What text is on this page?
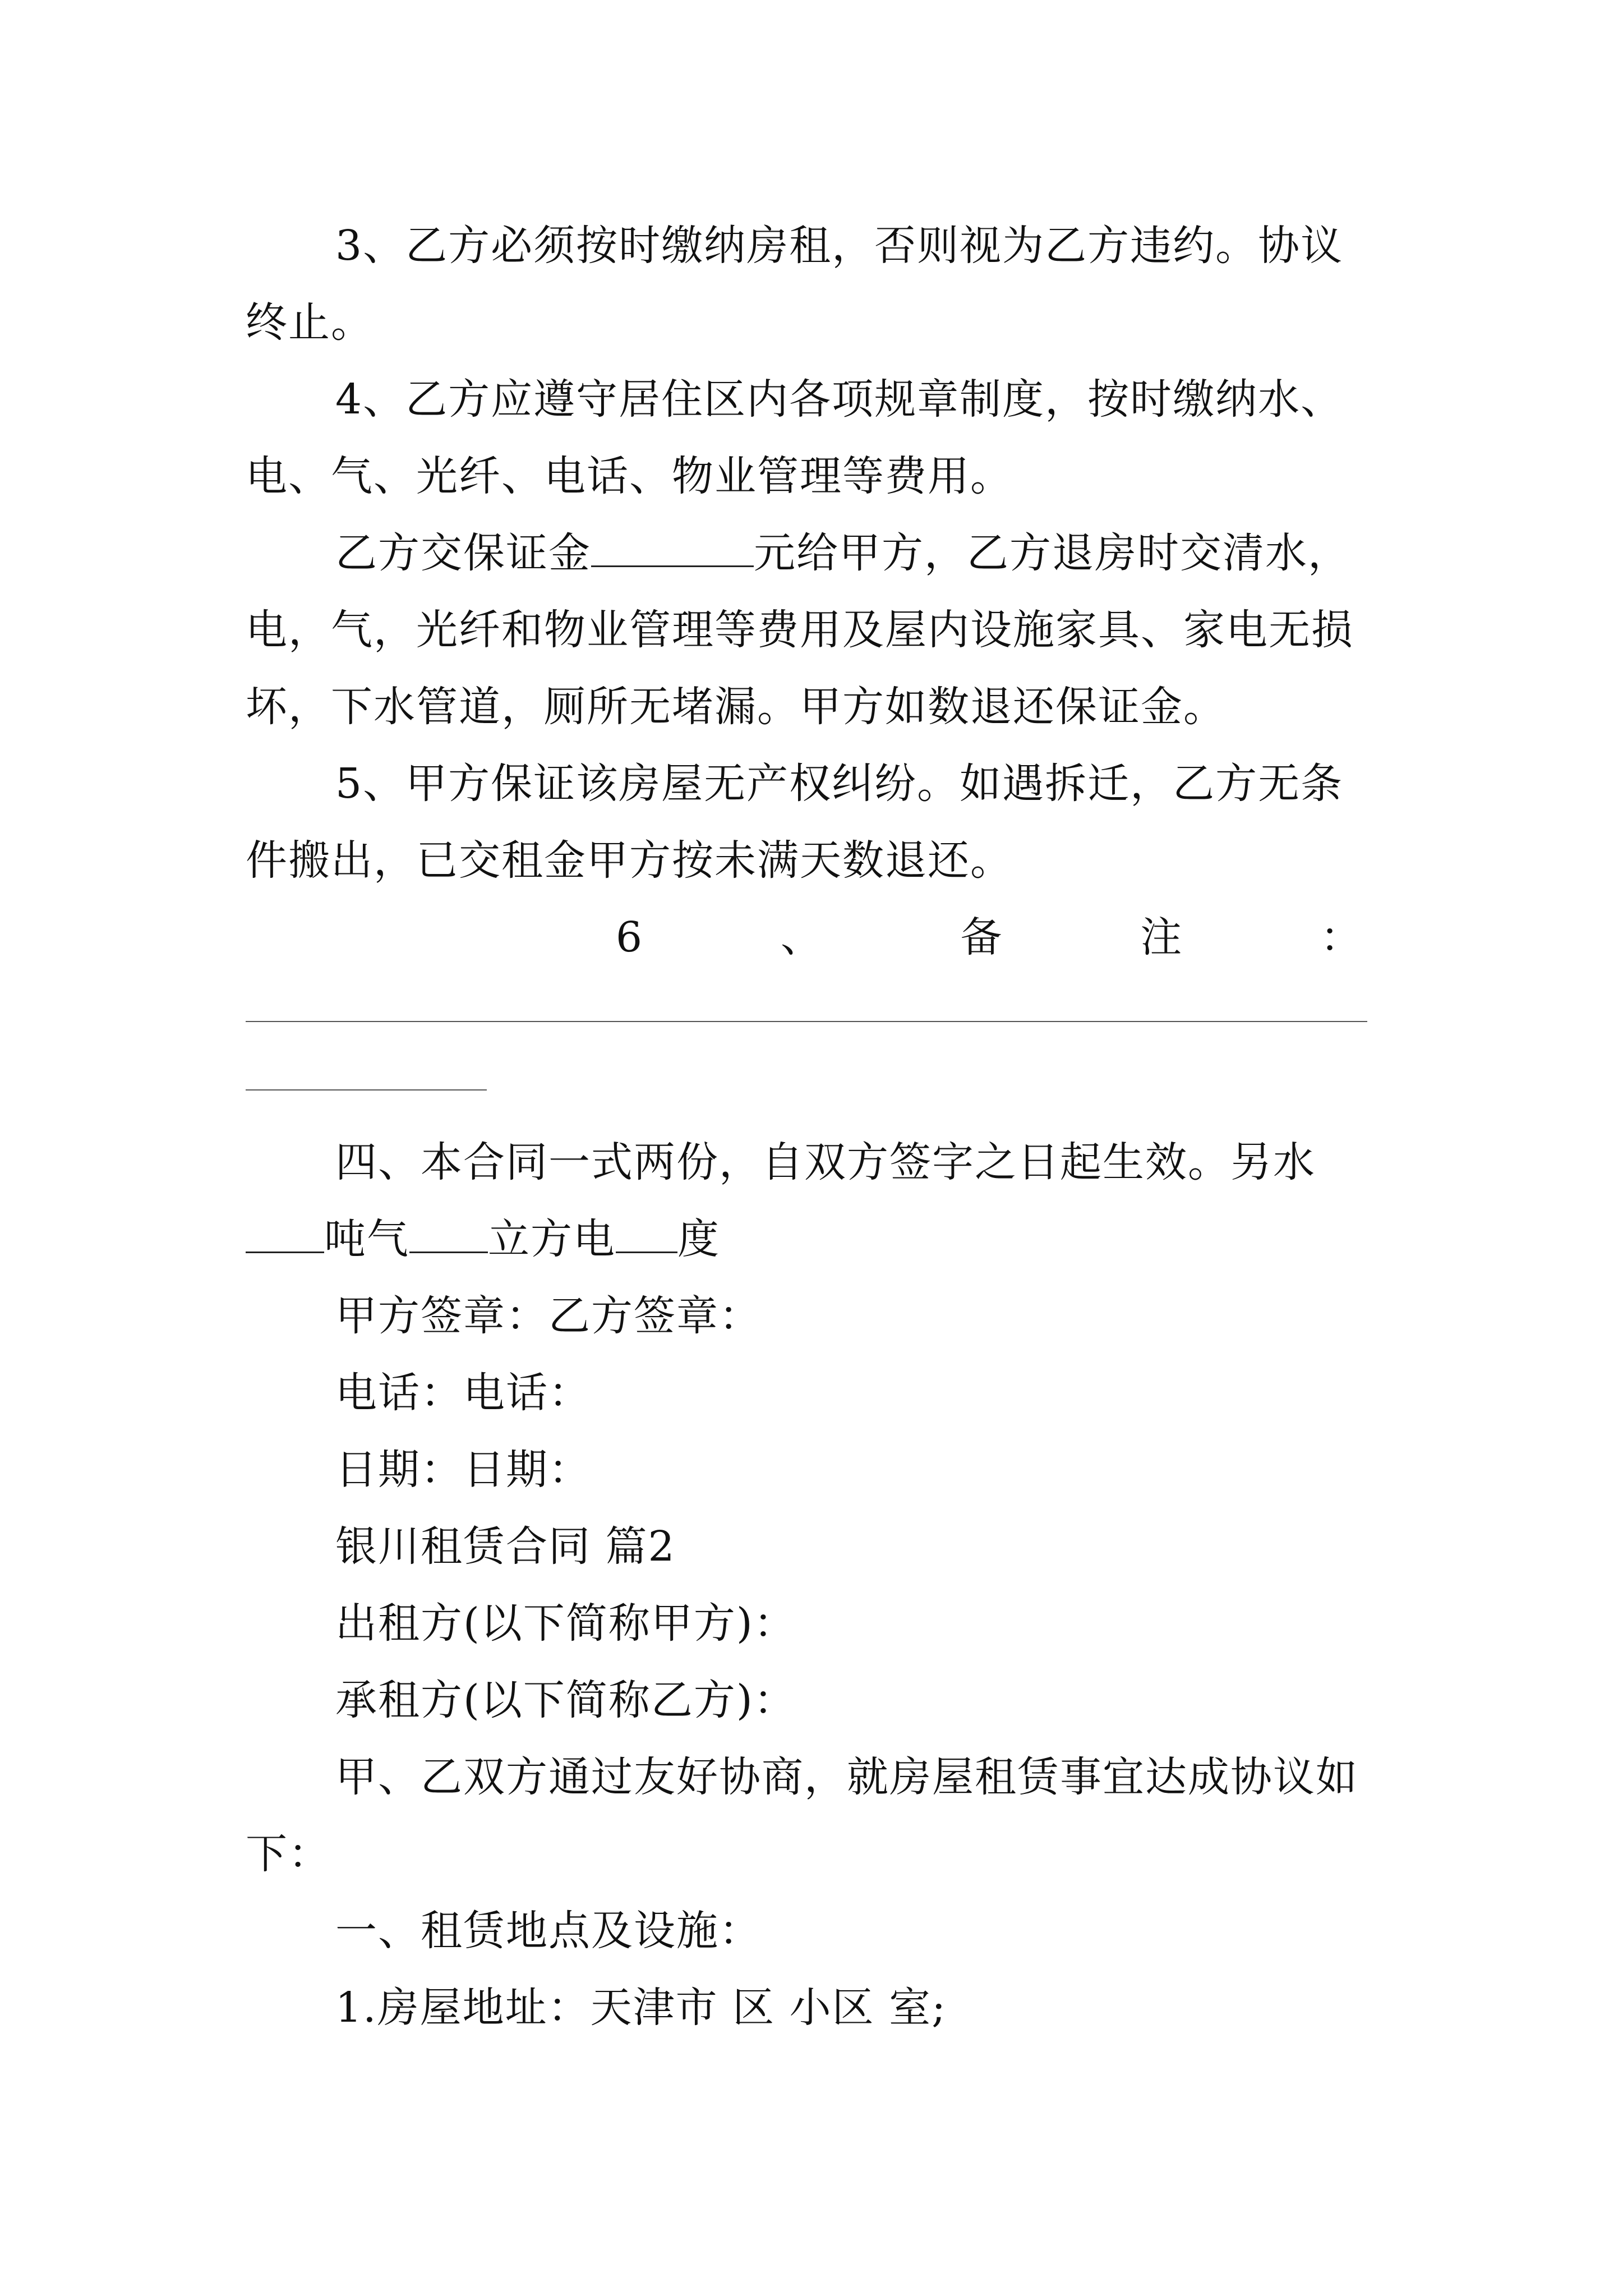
3、乙方必须按时缴纳房租，否则视为乙方违约。协议终止。

4、乙方应遵守居住区内各项规章制度，按时缴纳水、电、气、光纤、电话、物业管理等费用。

乙方交保证金	元给甲方，乙方退房时交清水，电，气，光纤和物业管理等费用及屋内设施家具、家电无损坏，下水管道，厕所无堵漏。甲方如数退还保证金。

5、甲方保证该房屋无产权纠纷。如遇拆迁，乙方无条件搬出，已交租金甲方按未满天数退还。

6	、	备	注	：

四、本合同一式两份，自双方签字之日起生效。另水吨气 立方电 度

甲方签章：乙方签章：

电话：电话：

日期：日期：

银川租赁合同 篇2

出租方(以下简称甲方)：

承租方(以下简称乙方)：

甲、乙双方通过友好协商，就房屋租赁事宜达成协议如下：

一、租赁地点及设施：

1.房屋地址：天津市 区 小区 室;
